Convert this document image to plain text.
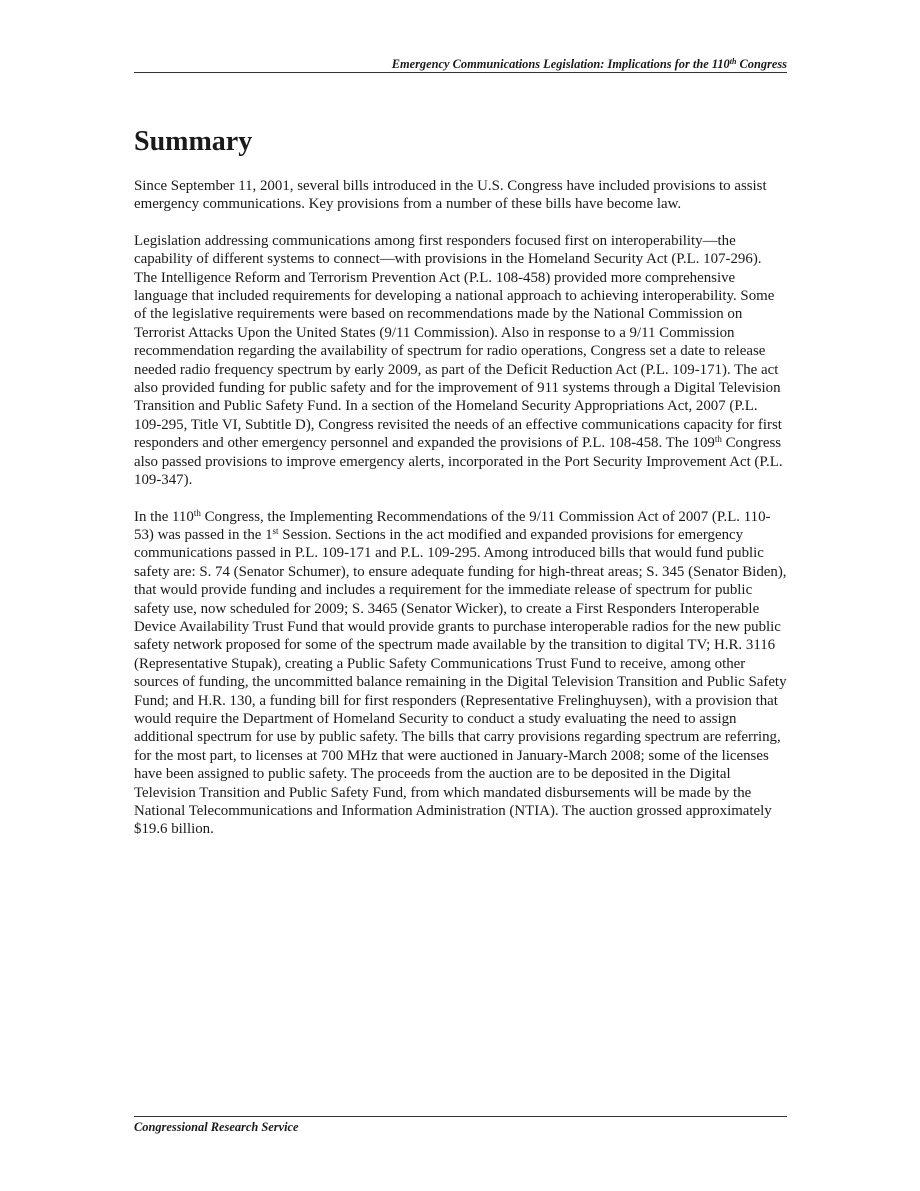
Emergency Communications Legislation: Implications for the 110th Congress
Summary

Since September 11, 2001, several bills introduced in the U.S. Congress have included provisions to assist emergency communications. Key provisions from a number of these bills have become law.

Legislation addressing communications among first responders focused first on interoperability—the capability of different systems to connect—with provisions in the Homeland Security Act (P.L. 107-296). The Intelligence Reform and Terrorism Prevention Act (P.L. 108-458) provided more comprehensive language that included requirements for developing a national approach to achieving interoperability. Some of the legislative requirements were based on recommendations made by the National Commission on Terrorist Attacks Upon the United States (9/11 Commission). Also in response to a 9/11 Commission recommendation regarding the availability of spectrum for radio operations, Congress set a date to release needed radio frequency spectrum by early 2009, as part of the Deficit Reduction Act (P.L. 109-171). The act also provided funding for public safety and for the improvement of 911 systems through a Digital Television Transition and Public Safety Fund. In a section of the Homeland Security Appropriations Act, 2007 (P.L. 109-295, Title VI, Subtitle D), Congress revisited the needs of an effective communications capacity for first responders and other emergency personnel and expanded the provisions of P.L. 108-458. The 109th Congress also passed provisions to improve emergency alerts, incorporated in the Port Security Improvement Act (P.L. 109-347).

In the 110th Congress, the Implementing Recommendations of the 9/11 Commission Act of 2007 (P.L. 110-53) was passed in the 1st Session. Sections in the act modified and expanded provisions for emergency communications passed in P.L. 109-171 and P.L. 109-295. Among introduced bills that would fund public safety are: S. 74 (Senator Schumer), to ensure adequate funding for high-threat areas; S. 345 (Senator Biden), that would provide funding and includes a requirement for the immediate release of spectrum for public safety use, now scheduled for 2009; S. 3465 (Senator Wicker), to create a First Responders Interoperable Device Availability Trust Fund that would provide grants to purchase interoperable radios for the new public safety network proposed for some of the spectrum made available by the transition to digital TV; H.R. 3116 (Representative Stupak), creating a Public Safety Communications Trust Fund to receive, among other sources of funding, the uncommitted balance remaining in the Digital Television Transition and Public Safety Fund; and H.R. 130, a funding bill for first responders (Representative Frelinghuysen), with a provision that would require the Department of Homeland Security to conduct a study evaluating the need to assign additional spectrum for use by public safety. The bills that carry provisions regarding spectrum are referring, for the most part, to licenses at 700 MHz that were auctioned in January-March 2008; some of the licenses have been assigned to public safety. The proceeds from the auction are to be deposited in the Digital Television Transition and Public Safety Fund, from which mandated disbursements will be made by the National Telecommunications and Information Administration (NTIA). The auction grossed approximately $19.6 billion.

Congressional Research Service
